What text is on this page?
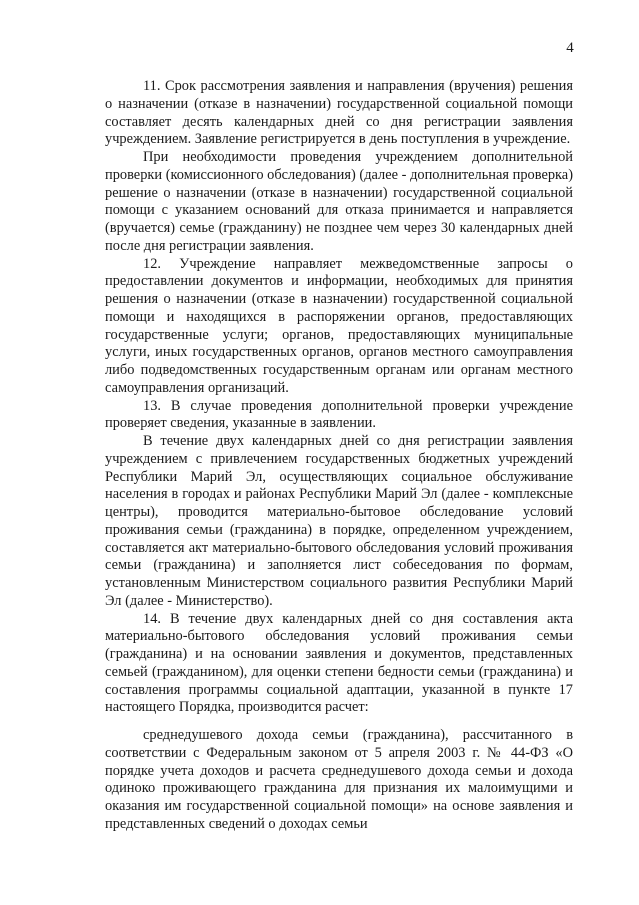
4

11. Срок рассмотрения заявления и направления (вручения) решения о назначении (отказе в назначении) государственной социальной помощи составляет десять календарных дней со дня регистрации заявления учреждением. Заявление регистрируется в день поступления в учреждение.

При необходимости проведения учреждением дополнительной проверки (комиссионного обследования) (далее - дополнительная проверка) решение о назначении (отказе в назначении) государственной социальной помощи с указанием оснований для отказа принимается и направляется (вручается) семье (гражданину) не позднее чем через 30 календарных дней после дня регистрации заявления.

12. Учреждение направляет межведомственные запросы о предоставлении документов и информации, необходимых для принятия решения о назначении (отказе в назначении) государственной социальной помощи и находящихся в распоряжении органов, предоставляющих государственные услуги; органов, предоставляющих муниципальные услуги, иных государственных органов, органов местного самоуправления либо подведомственных государственным органам или органам местного самоуправления организаций.

13. В случае проведения дополнительной проверки учреждение проверяет сведения, указанные в заявлении.

В течение двух календарных дней со дня регистрации заявления учреждением с привлечением государственных бюджетных учреждений Республики Марий Эл, осуществляющих социальное обслуживание населения в городах и районах Республики Марий Эл (далее - комплексные центры), проводится материально-бытовое обследование условий проживания семьи (гражданина) в порядке, определенном учреждением, составляется акт материально-бытового обследования условий проживания семьи (гражданина) и заполняется лист собеседования по формам, установленным Министерством социального развития Республики Марий Эл (далее - Министерство).

14. В течение двух календарных дней со дня составления акта материально-бытового обследования условий проживания семьи (гражданина) и на основании заявления и документов, представленных семьей (гражданином), для оценки степени бедности семьи (гражданина) и составления программы социальной адаптации, указанной в пункте 17 настоящего Порядка, производится расчет:

среднедушевого дохода семьи (гражданина), рассчитанного в соответствии с Федеральным законом от 5 апреля 2003 г. № 44-ФЗ «О порядке учета доходов и расчета среднедушевого дохода семьи и дохода одиноко проживающего гражданина для признания их малоимущими и оказания им государственной социальной помощи» на основе заявления и представленных сведений о доходах семьи
